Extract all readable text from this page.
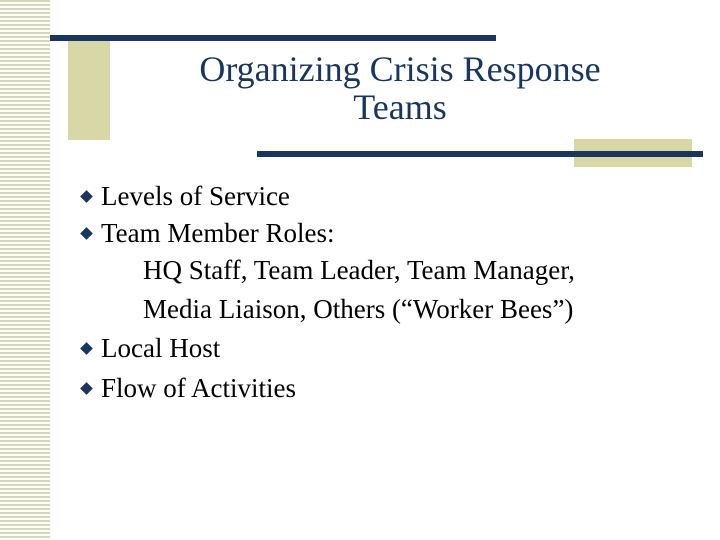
Organizing Crisis Response
Teams
Levels of Service
Team Member Roles:
HQ Staff, Team Leader, Team Manager,
Media Liaison, Others (“Worker Bees”)
Local Host
Flow of Activities
